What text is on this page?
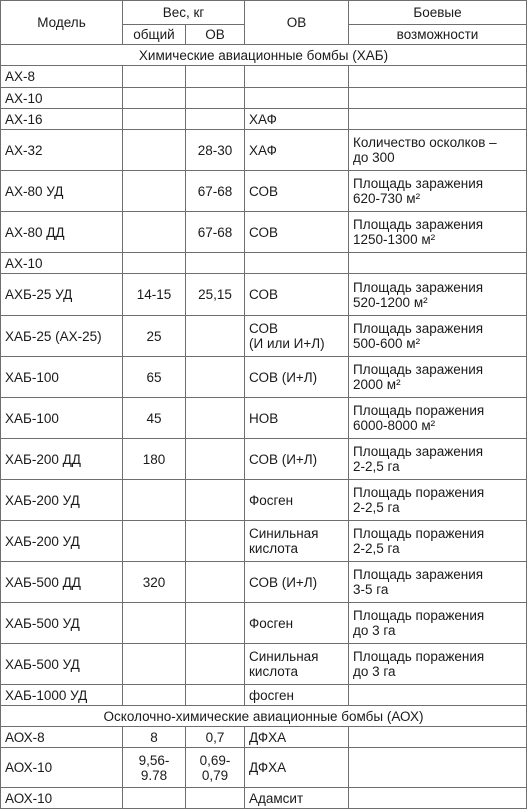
Модель	Вес, кг		ОВ	Боевые
	общий	ОВ		возможности
Химические авиационные бомбы (ХАБ)				
АХ-8				
АХ-10				
АХ-16			ХАФ	
АХ-32		28-30	ХАФ	Количество осколков –
до 300
АХ-80 УД		67-68	СОВ	Площадь заражения
620-730 м²
АХ-80 ДД		67-68	СОВ	Площадь заражения
1250-1300 м²
АХ-10				
АХБ-25 УД	14-15	25,15	СОВ	Площадь заражения
520-1200 м²
ХАБ-25 (АХ-25)	25		СОВ
(И или И+Л)	Площадь заражения
500-600 м²
ХАБ-100	65		СОВ (И+Л)	Площадь заражения
2000 м²
ХАБ-100	45		НОВ	Площадь поражения
6000-8000 м²
ХАБ-200 ДД	180		СОВ (И+Л)	Площадь заражения
2-2,5 га
ХАБ-200 УД			Фосген	Площадь поражения
2-2,5 га
ХАБ-200 УД			Синильная
кислота	Площадь поражения
2-2,5 га
ХАБ-500 ДД	320		СОВ (И+Л)	Площадь заражения
3-5 га
ХАБ-500 УД			Фосген	Площадь поражения
до 3 га
ХАБ-500 УД			Синильная
кислота	Площадь поражения
до 3 га
ХАБ-1000 УД			фосген	
Осколочно-химические авиационные бомбы (АОХ)				
АОХ-8	8	0,7	ДФХА	
АОХ-10	9,56-
9.78	0,69-
0,79	ДФХА	
АОХ-10			Адамсит	
